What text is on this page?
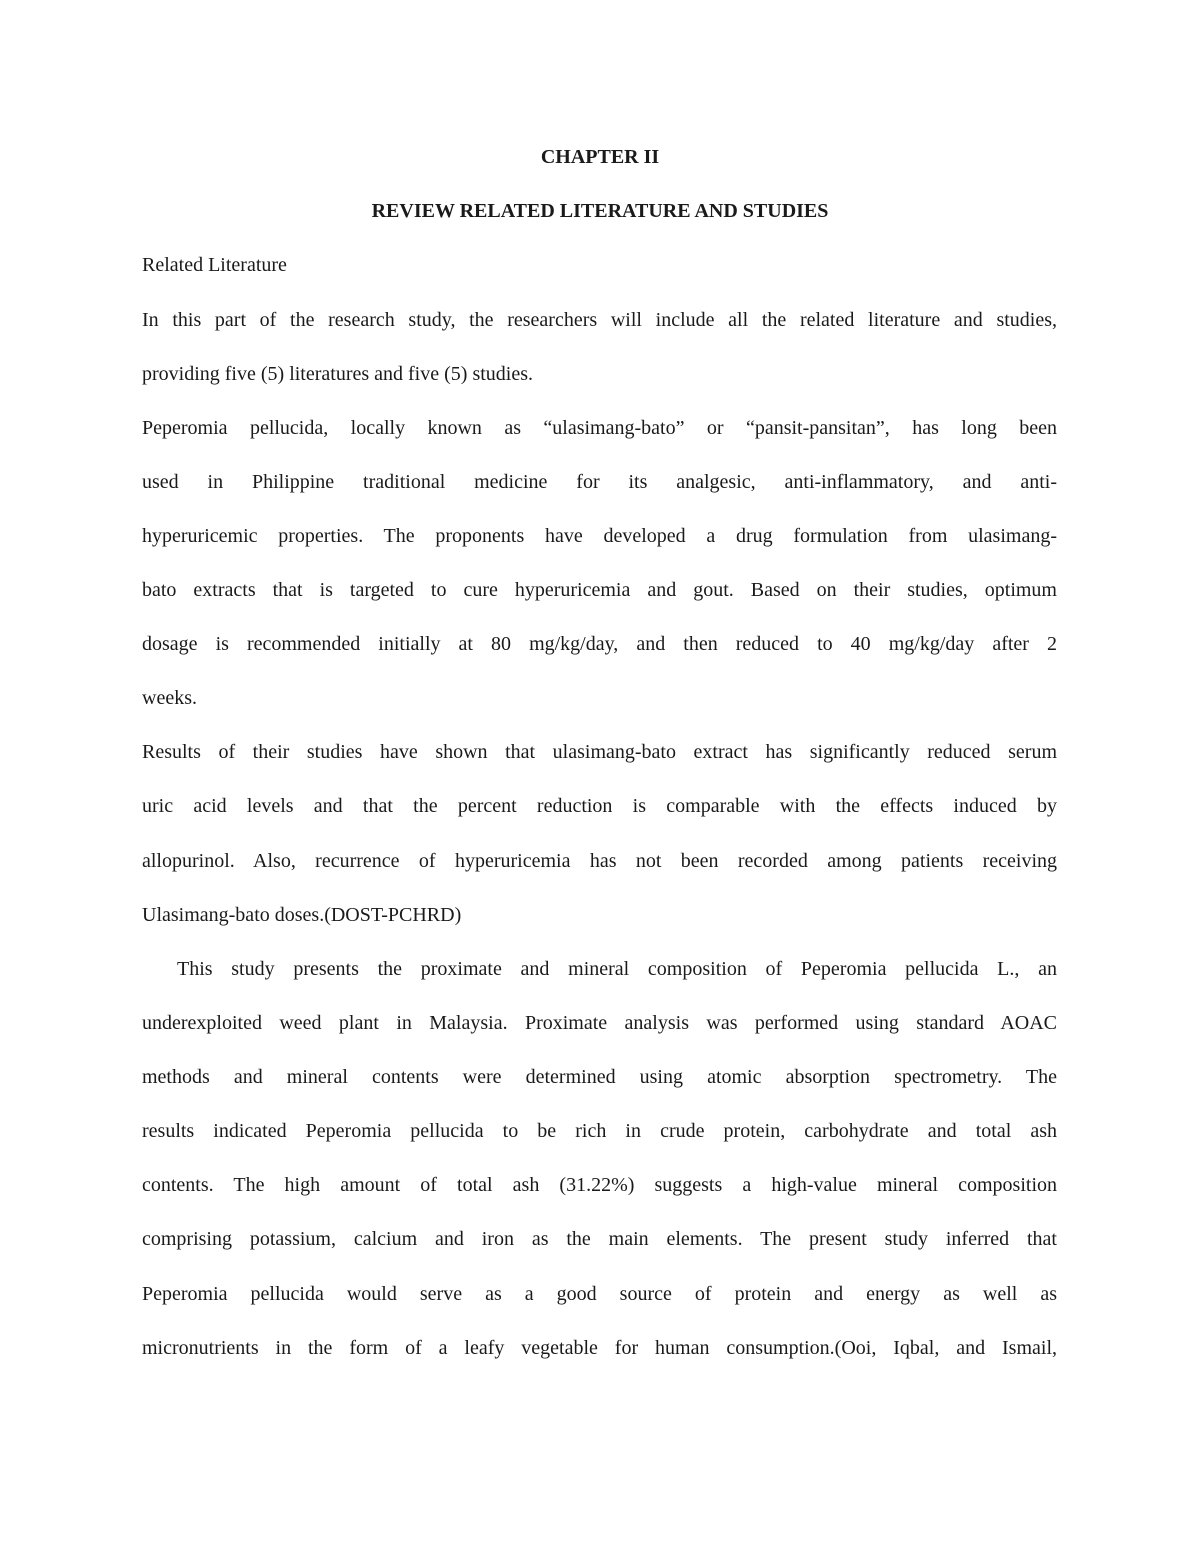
CHAPTER II
REVIEW RELATED LITERATURE AND STUDIES
Related Literature
In this part of the research study, the researchers will include all the related literature and studies,
providing five (5) literatures and five (5) studies.
Peperomia pellucida, locally known as “ulasimang-bato” or “pansit-pansitan”, has long been
used in Philippine traditional medicine for its analgesic, anti-inflammatory, and anti-
hyperuricemic properties. The proponents have developed a drug formulation from ulasimang-
bato extracts that is targeted to cure hyperuricemia and gout. Based on their studies, optimum
dosage is recommended initially at 80 mg/kg/day, and then reduced to 40 mg/kg/day after 2
weeks.
Results of their studies have shown that ulasimang-bato extract has significantly reduced serum
uric acid levels and that the percent reduction is comparable with the effects induced by
allopurinol. Also, recurrence of hyperuricemia has not been recorded among patients receiving
Ulasimang-bato doses.(DOST-PCHRD)
This study presents the proximate and mineral composition of Peperomia pellucida L., an
underexploited weed plant in Malaysia. Proximate analysis was performed using standard AOAC
methods and mineral contents were determined using atomic absorption spectrometry. The
results indicated Peperomia pellucida to be rich in crude protein, carbohydrate and total ash
contents. The high amount of total ash (31.22%) suggests a high-value mineral composition
comprising potassium, calcium and iron as the main elements. The present study inferred that
Peperomia pellucida would serve as a good source of protein and energy as well as
micronutrients in the form of a leafy vegetable for human consumption.(Ooi, Iqbal, and Ismail,
